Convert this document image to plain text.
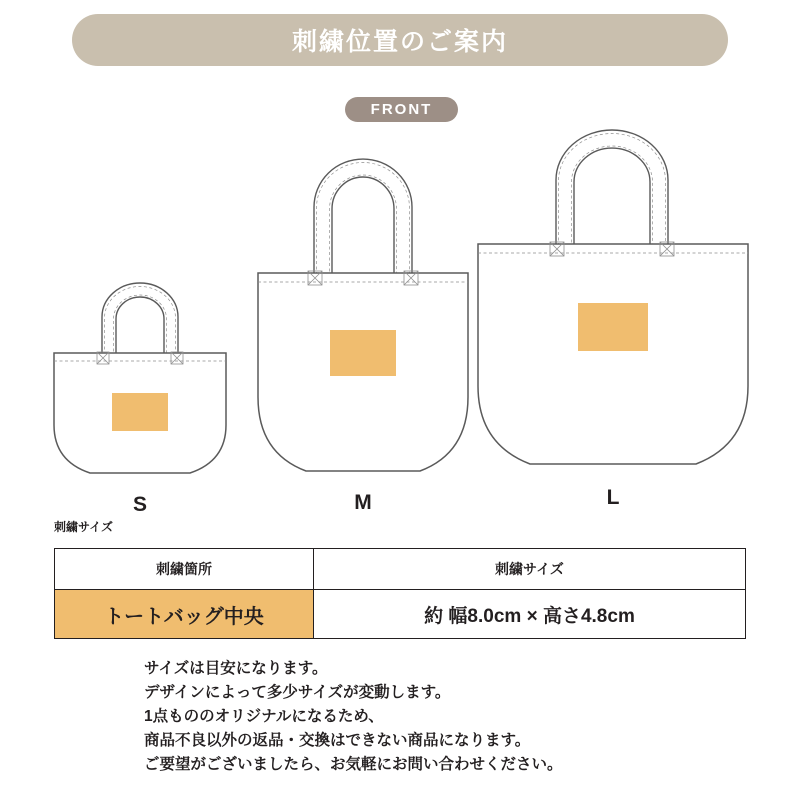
刺繍位置のご案内
FRONT
S	M	L
刺繍サイズ
刺繍箇所	刺繍サイズ
トートバッグ中央	約 幅8.0cm × 高さ4.8cm
サイズは目安になります。
デザインによって多少サイズが変動します。
1点もののオリジナルになるため、
商品不良以外の返品・交換はできない商品になります。
ご要望がございましたら、お気軽にお問い合わせください。
